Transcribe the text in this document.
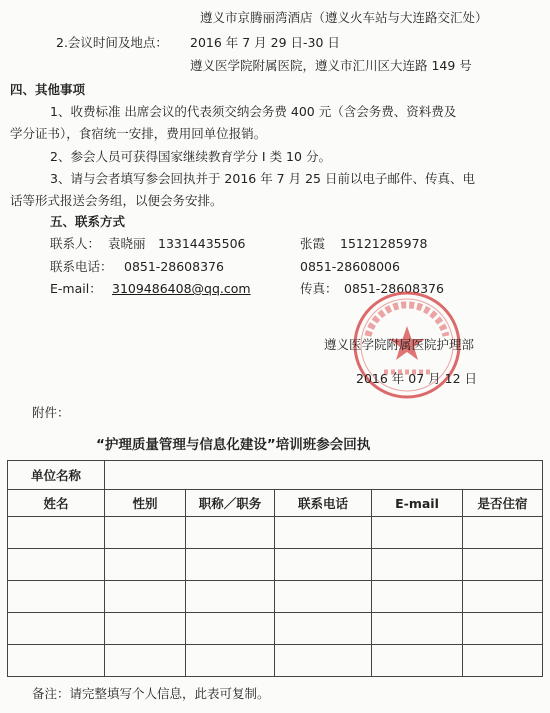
遵义市京腾丽湾酒店（遵义火车站与大连路交汇处）
2.会议时间及地点： 2016 年 7 月 29 日-30 日
遵义医学院附属医院，遵义市汇川区大连路 149 号
四、其他事项
1、收费标准 出席会议的代表须交纳会务费 400 元（含会务费、资料费及
学分证书），食宿统一安排，费用回单位报销。
2、参会人员可获得国家继续教育学分 I 类 10 分。
3、请与会者填写参会回执并于 2016 年 7 月 25 日前以电子邮件、传真、电
话等形式报送会务组，以便会务安排。
五、联系方式
联系人： 袁晓丽 13314435506	张霞 15121285978
联系电话： 0851-28608376	0851-28608006
E-mail： 3109486408@qq.com	传真： 0851-28608376
遵义医学院附属医院护理部
2016 年 07 月 12 日
附件：
“护理质量管理与信息化建设”培训班参会回执
单位名称					
姓名	性别	职称／职务	联系电话	E-mail	是否住宿

备注：请完整填写个人信息，此表可复制。
